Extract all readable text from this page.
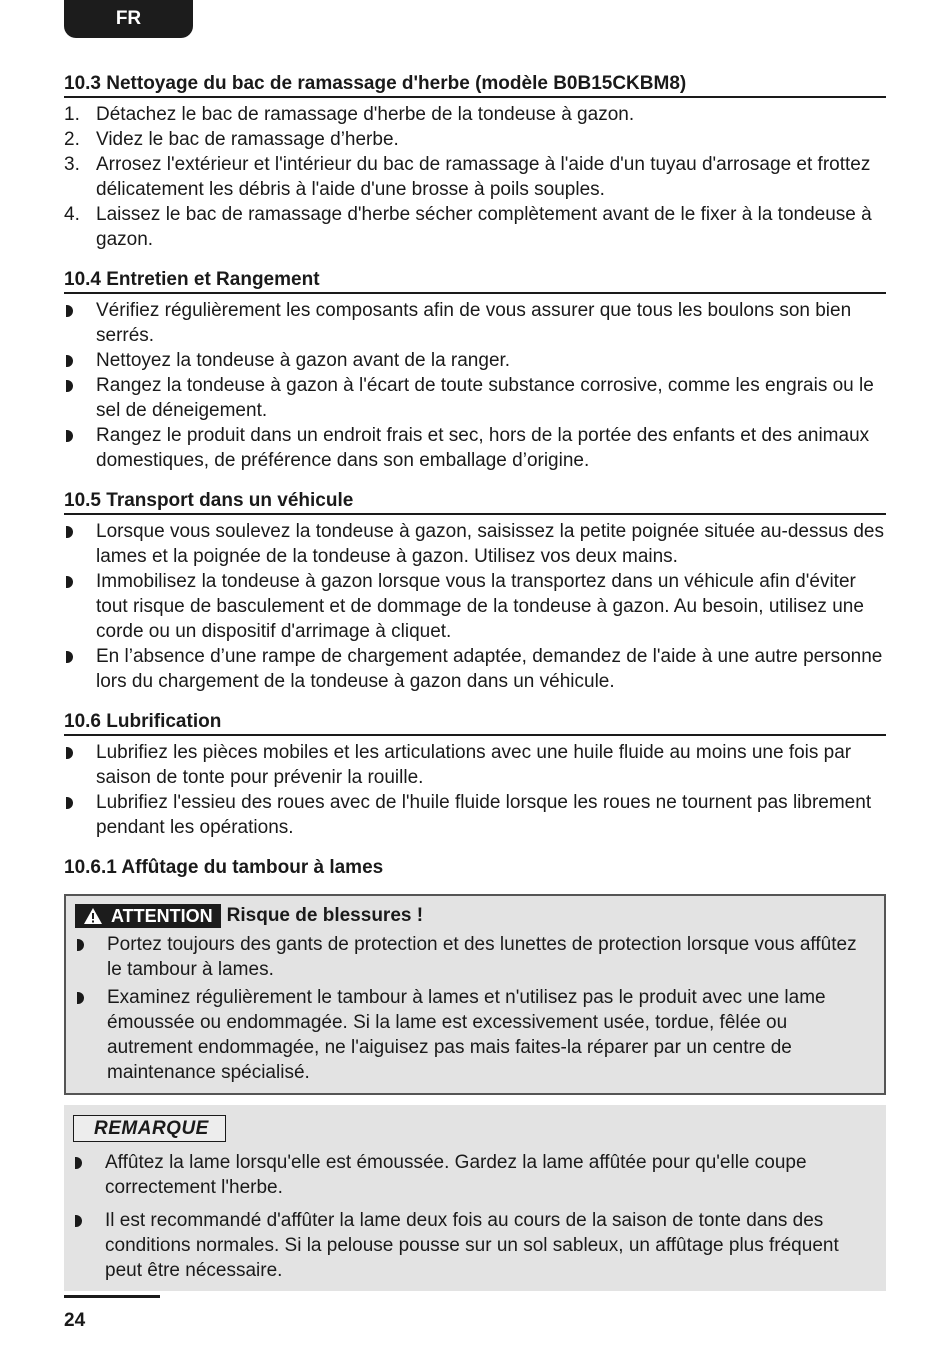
FR
10.3 Nettoyage du bac de ramassage d'herbe (modèle B0B15CKBM8)
1. Détachez le bac de ramassage d'herbe de la tondeuse à gazon.
2. Videz le bac de ramassage d’herbe.
3. Arrosez l'extérieur et l'intérieur du bac de ramassage à l'aide d'un tuyau d'arrosage et frottez délicatement les débris à l'aide d'une brosse à poils souples.
4. Laissez le bac de ramassage d'herbe sécher complètement avant de le fixer à la tondeuse à gazon.
10.4 Entretien et Rangement
Vérifiez régulièrement les composants afin de vous assurer que tous les boulons son bien serrés.
Nettoyez la tondeuse à gazon avant de la ranger.
Rangez la tondeuse à gazon à l'écart de toute substance corrosive, comme les engrais ou le sel de déneigement.
Rangez le produit dans un endroit frais et sec, hors de la portée des enfants et des animaux domestiques, de préférence dans son emballage d’origine.
10.5 Transport dans un véhicule
Lorsque vous soulevez la tondeuse à gazon, saisissez la petite poignée située au-dessus des lames et la poignée de la tondeuse à gazon. Utilisez vos deux mains.
Immobilisez la tondeuse à gazon lorsque vous la transportez dans un véhicule afin d'éviter tout risque de basculement et de dommage de la tondeuse à gazon. Au besoin, utilisez une corde ou un dispositif d'arrimage à cliquet.
En l’absence d’une rampe de chargement adaptée, demandez de l'aide à une autre personne lors du chargement de la tondeuse à gazon dans un véhicule.
10.6 Lubrification
Lubrifiez les pièces mobiles et les articulations avec une huile fluide au moins une fois par saison de tonte pour prévenir la rouille.
Lubrifiez l'essieu des roues avec de l'huile fluide lorsque les roues ne tournent pas librement pendant les opérations.
10.6.1 Affûtage du tambour à lames
ATTENTION Risque de blessures !
Portez toujours des gants de protection et des lunettes de protection lorsque vous affûtez le tambour à lames.
Examinez régulièrement le tambour à lames et n'utilisez pas le produit avec une lame émoussée ou endommagée. Si la lame est excessivement usée, tordue, fêlée ou autrement endommagée, ne l'aiguisez pas mais faites-la réparer par un centre de maintenance spécialisé.
REMARQUE
Affûtez la lame lorsqu'elle est émoussée. Gardez la lame affûtée pour qu'elle coupe correctement l'herbe.
Il est recommandé d'affûter la lame deux fois au cours de la saison de tonte dans des conditions normales. Si la pelouse pousse sur un sol sableux, un affûtage plus fréquent peut être nécessaire.
24
